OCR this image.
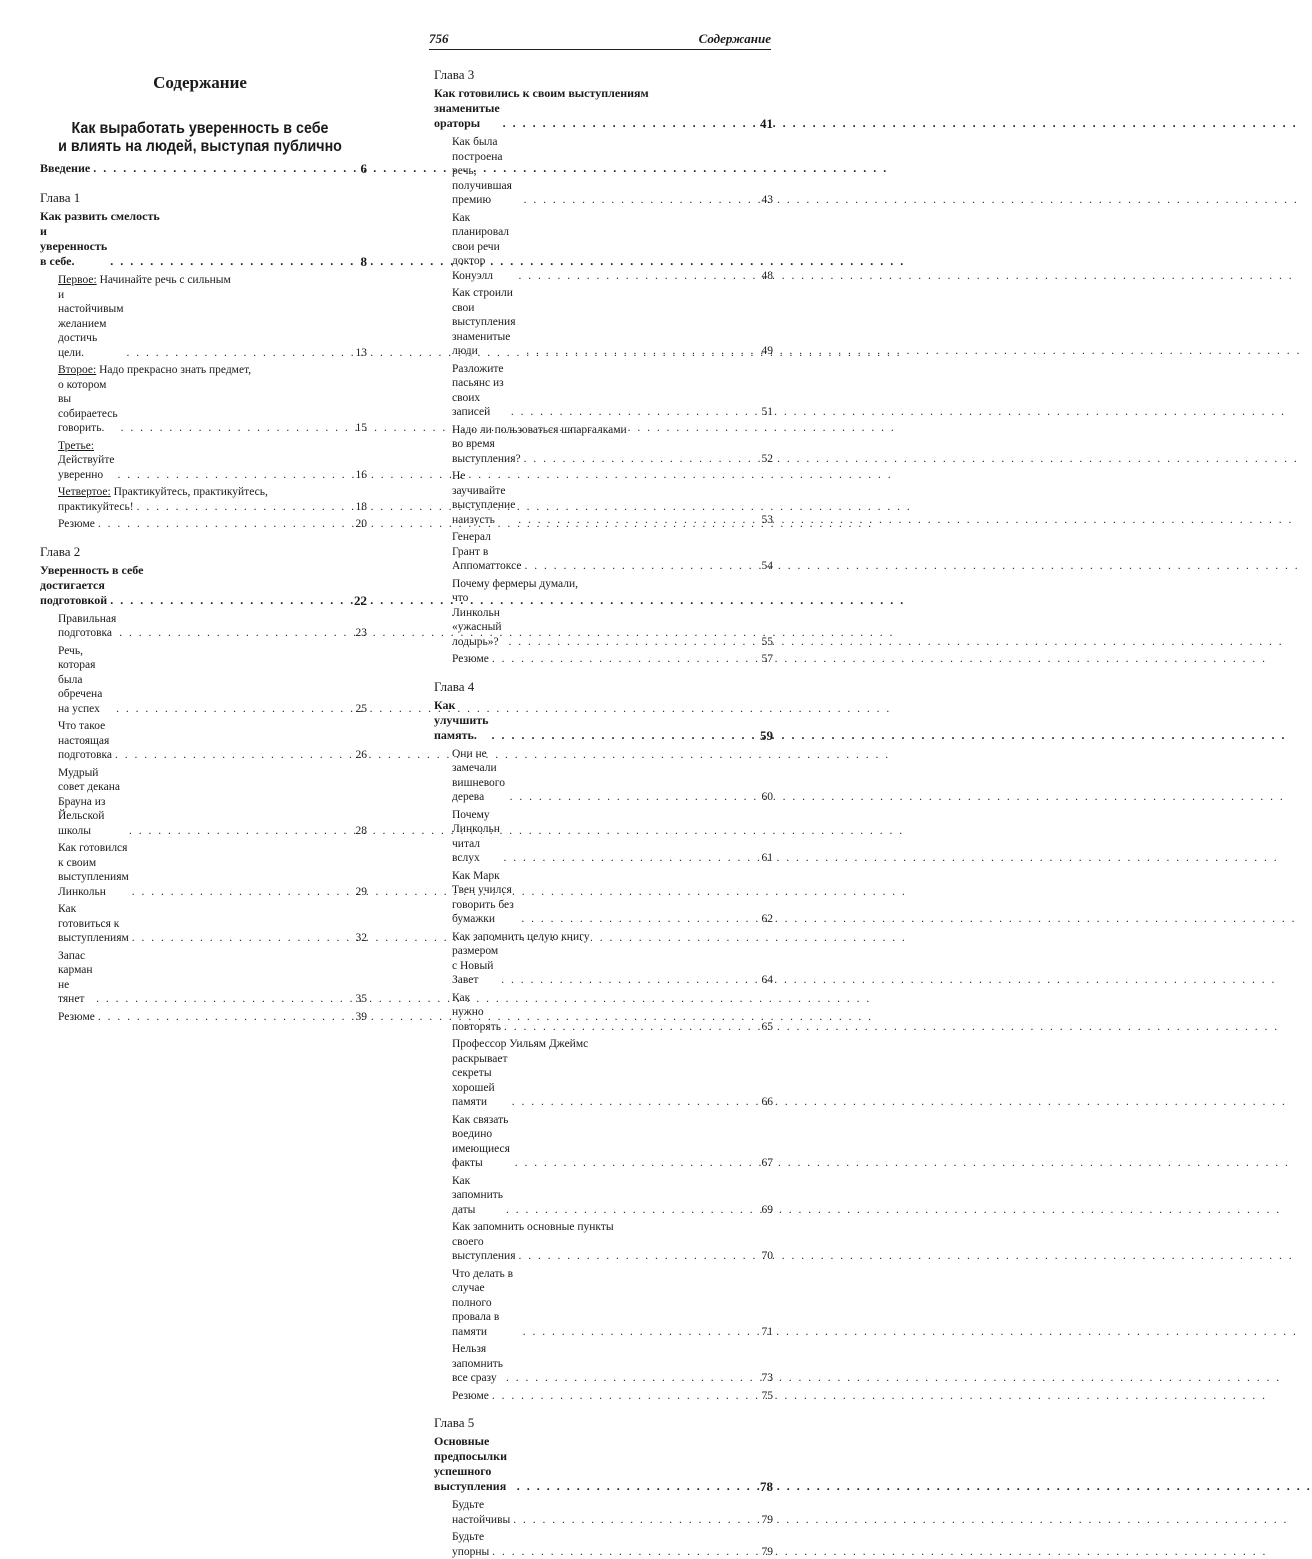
Содержание
Как выработать уверенность в себе
и влиять на людей, выступая публично
Введение . . .	6
Глава 1
Как развить смелость
и уверенность в себе. . . .	8
Первое: Начинайте речь с сильным
и настойчивым желанием достичь цели. . . .	13
Второе: Надо прекрасно знать предмет,
о котором вы собираетесь говорить. . . .	15
Третье: Действуйте уверенно . . .	16
Четвертое: Практикуйтесь, практикуйтесь,
практикуйтесь! . . .	18
Резюме . . .	20
Глава 2
Уверенность в себе
достигается подготовкой . . .	22
Правильная подготовка . . .	23
Речь, которая была обречена на успех . . .	25
Что такое настоящая подготовка . . .	26
Мудрый совет декана Брауна из Йельской школы . . .	28
Как готовился к своим выступлениям Линкольн . . .	29
Как готовиться к выступлениям . . .	32
Запас карман не тянет . . .	35
Резюме . . .	39
756	Содержание
Глава 3
Как готовились к своим выступлениям
знаменитые ораторы . . .	41
Как была построена речь, получившая премию . . .	43
Как планировал свои речи доктор Конуэлл . . .	48
Как строили свои выступления знаменитые люди . . .	49
Разложите пасьянс из своих записей . . .	51
Надо ли пользоваться шпаргалками
во время выступления? . . .	52
Не заучивайте выступление наизусть . . .	53
Генерал Грант в Аппоматтоксе . . .	54
Почему фермеры думали,
что Линкольн «ужасный лодырь»? . . .	55
Резюме . . .	57
Глава 4
Как улучшить память. . . .	59
Они не замечали вишневого дерева . . .	60
Почему Линкольн читал вслух . . .	61
Как Марк Твен учился говорить без бумажки . . .	62
Как запомнить целую книгу
размером с Новый Завет . . .	64
Как нужно повторять . . .	65
Профессор Уильям Джеймс
раскрывает секреты хорошей памяти . . .	66
Как связать воедино имеющиеся факты . . .	67
Как запомнить даты . . .	69
Как запомнить основные пункты
своего выступления . . .	70
Что делать в случае полного провала в памяти . . .	71
Нельзя запомнить все сразу . . .	73
Резюме . . .	75
Глава 5
Основные предпосылки успешного выступления . . .	78
Будьте настойчивы . . .	79
Будьте упорны . . .	79
